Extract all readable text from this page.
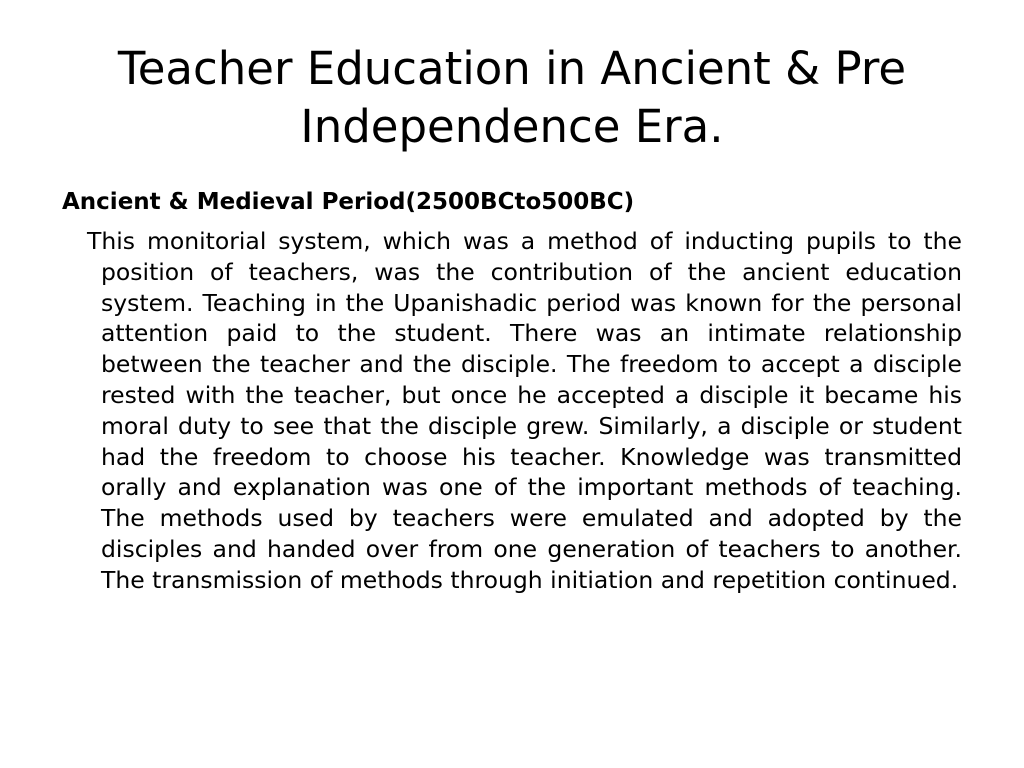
Teacher Education in Ancient & Pre Independence Era.
Ancient & Medieval Period(2500BCto500BC)

This monitorial system, which was a method of inducting pupils to the position of teachers, was the contribution of the ancient education system. Teaching in the Upanishadic period was known for the personal attention paid to the student. There was an intimate relationship between the teacher and the disciple. The freedom to accept a disciple rested with the teacher, but once he accepted a disciple it became his moral duty to see that the disciple grew. Similarly, a disciple or student had the freedom to choose his teacher. Knowledge was transmitted orally and explanation was one of the important methods of teaching. The methods used by teachers were emulated and adopted by the disciples and handed over from one generation of teachers to another. The transmission of methods through initiation and repetition continued.
